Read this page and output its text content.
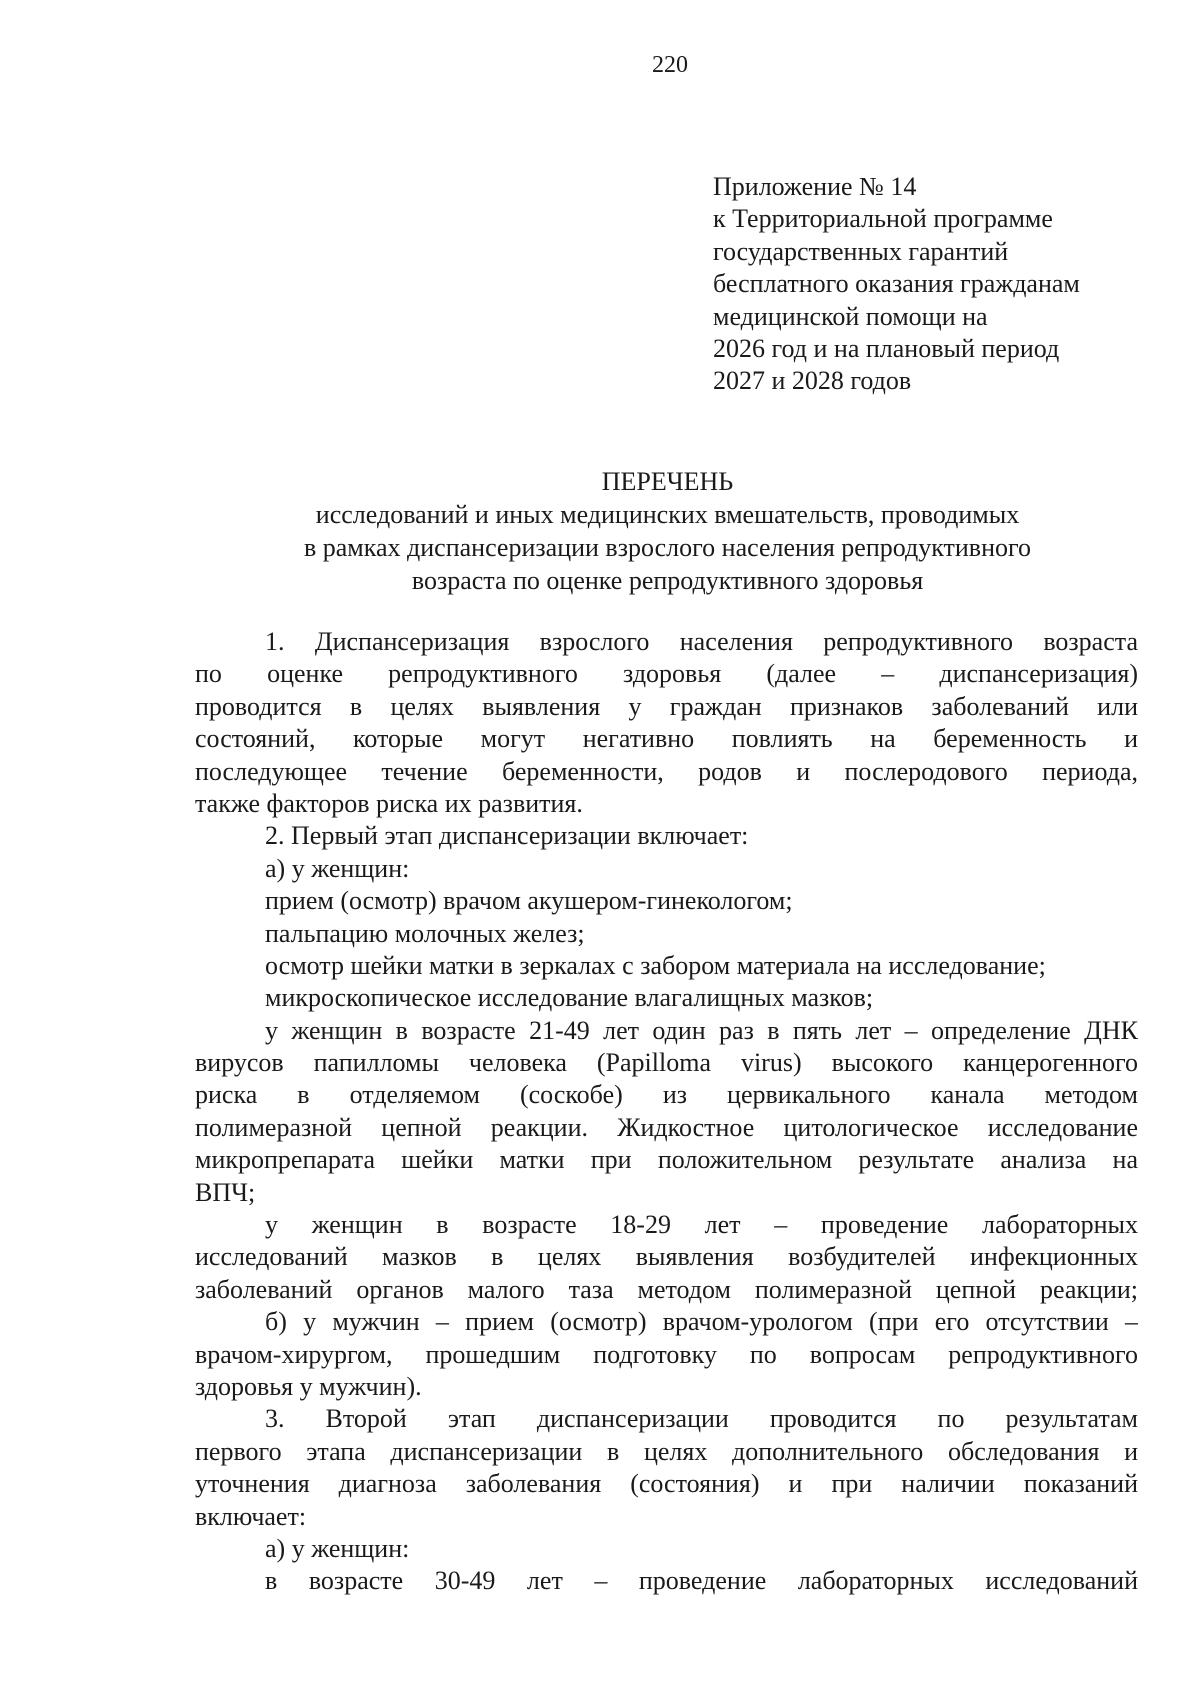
220
Приложение № 14
к Территориальной программе
государственных гарантий
бесплатного оказания гражданам
медицинской помощи на
2026 год и на плановый период
2027 и 2028 годов
ПЕРЕЧЕНЬ
исследований и иных медицинских вмешательств, проводимых
в рамках диспансеризации взрослого населения репродуктивного
возраста по оценке репродуктивного здоровья
1. Диспансеризация взрослого населения репродуктивного возраста
по оценке репродуктивного здоровья (далее – диспансеризация)
проводится в целях выявления у граждан признаков заболеваний или
состояний, которые могут негативно повлиять на беременность и
последующее течение беременности, родов и послеродового периода,
также факторов риска их развития.
2. Первый этап диспансеризации включает:
а) у женщин:
прием (осмотр) врачом акушером-гинекологом;
пальпацию молочных желез;
осмотр шейки матки в зеркалах с забором материала на исследование;
микроскопическое исследование влагалищных мазков;
у женщин в возрасте 21-49 лет один раз в пять лет – определение ДНК
вирусов папилломы человека (Papilloma virus) высокого канцерогенного
риска в отделяемом (соскобе) из цервикального канала методом
полимеразной цепной реакции. Жидкостное цитологическое исследование
микропрепарата шейки матки при положительном результате анализа на
ВПЧ;
у женщин в возрасте 18-29 лет – проведение лабораторных
исследований мазков в целях выявления возбудителей инфекционных
заболеваний органов малого таза методом полимеразной цепной реакции;
б) у мужчин – прием (осмотр) врачом-урологом (при его отсутствии –
врачом-хирургом, прошедшим подготовку по вопросам репродуктивного
здоровья у мужчин).
3. Второй этап диспансеризации проводится по результатам
первого этапа диспансеризации в целях дополнительного обследования и
уточнения диагноза заболевания (состояния) и при наличии показаний
включает:
а) у женщин:
в возрасте 30-49 лет – проведение лабораторных исследований
